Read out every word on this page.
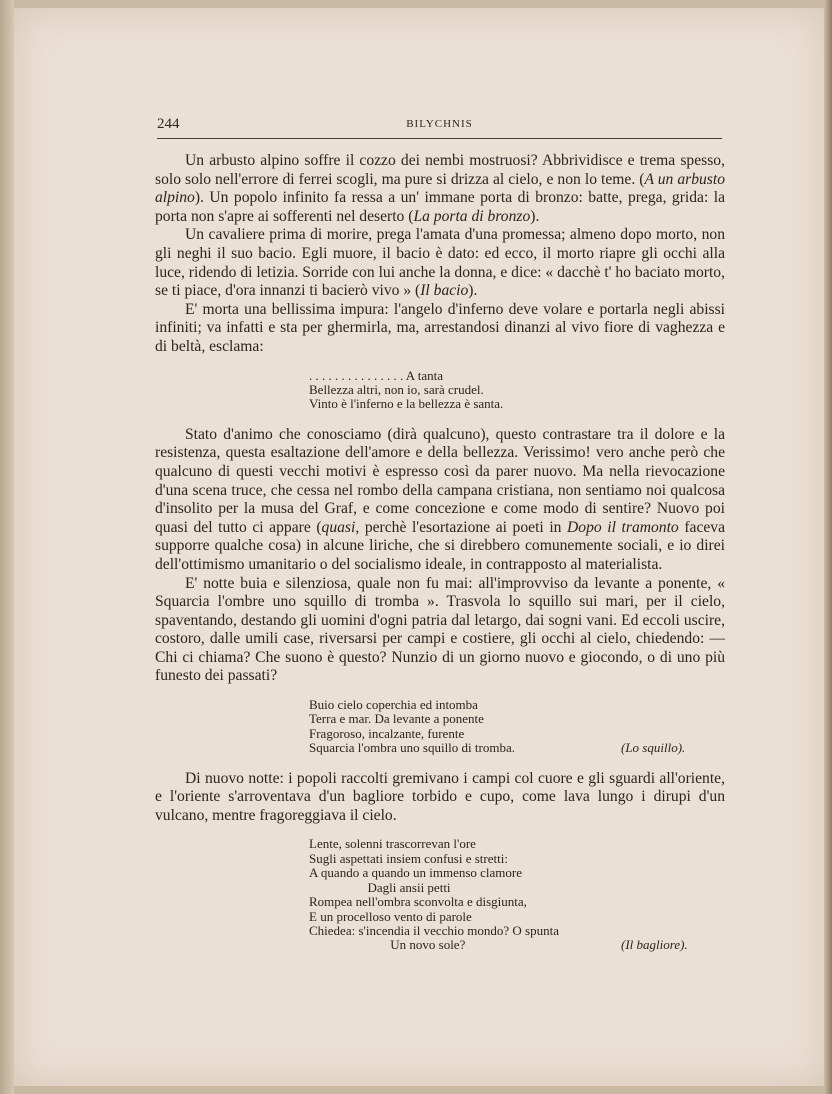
244	BILYCHNIS

Un arbusto alpino soffre il cozzo dei nembi mostruosi? Abbrividisce e trema spesso, solo solo nell'errore di ferrei scogli, ma pure si drizza al cielo, e non lo teme. (A un arbusto alpino). Un popolo infinito fa ressa a un' immane porta di bronzo: batte, prega, grida: la porta non s'apre ai sofferenti nel deserto (La porta di bronzo).

Un cavaliere prima di morire, prega l'amata d'una promessa; almeno dopo morto, non gli neghi il suo bacio. Egli muore, il bacio è dato: ed ecco, il morto riapre gli occhi alla luce, ridendo di letizia. Sorride con lui anche la donna, e dice: « dacchè t' ho baciato morto, se ti piace, d'ora innanzi ti bacierò vivo » (Il bacio).

E' morta una bellissima impura: l'angelo d'inferno deve volare e portarla negli abissi infiniti; va infatti e sta per ghermirla, ma, arrestandosi dinanzi al vivo fiore di vaghezza e di beltà, esclama:

. . . . . . . . . . . . . . . A tanta
Bellezza altri, non io, sarà crudel.
Vinto è l'inferno e la bellezza è santa.

Stato d'animo che conosciamo (dirà qualcuno), questo contrastare tra il dolore e la resistenza, questa esaltazione dell'amore e della bellezza. Verissimo! vero anche però che qualcuno di questi vecchi motivi è espresso così da parer nuovo. Ma nella rievocazione d'una scena truce, che cessa nel rombo della campana cristiana, non sentiamo noi qualcosa d'insolito per la musa del Graf, e come concezione e come modo di sentire? Nuovo poi quasi del tutto ci appare (quasi, perchè l'esortazione ai poeti in Dopo il tramonto faceva supporre qualche cosa) in alcune liriche, che si direbbero comunemente sociali, e io direi dell'ottimismo umanitario o del socialismo ideale, in contrapposto al materialista.

E' notte buia e silenziosa, quale non fu mai: all'improvviso da levante a ponente, « Squarcia l'ombre uno squillo di tromba ». Trasvola lo squillo sui mari, per il cielo, spaventando, destando gli uomini d'ogni patria dal letargo, dai sogni vani. Ed eccoli uscire, costoro, dalle umili case, riversarsi per campi e costiere, gli occhi al cielo, chiedendo: — Chi ci chiama? Che suono è questo? Nunzio di un giorno nuovo e giocondo, o di uno più funesto dei passati?

Buio cielo coperchia ed intomba
Terra e mar. Da levante a ponente
Fragoroso, incalzante, furente
Squarcia l'ombra uno squillo di tromba.	(Lo squillo).

Di nuovo notte: i popoli raccolti gremivano i campi col cuore e gli sguardi all'oriente, e l'oriente s'arroventava d'un bagliore torbido e cupo, come lava lungo i dirupi d'un vulcano, mentre fragoreggiava il cielo.

Lente, solenni trascorrevan l'ore
Sugli aspettati insiem confusi e stretti:
A quando a quando un immenso clamore
Dagli ansii petti
Rompea nell'ombra sconvolta e disgiunta,
E un procelloso vento di parole
Chiedea: s'incendia il vecchio mondo? O spunta
Un novo sole?	(Il bagliore).
